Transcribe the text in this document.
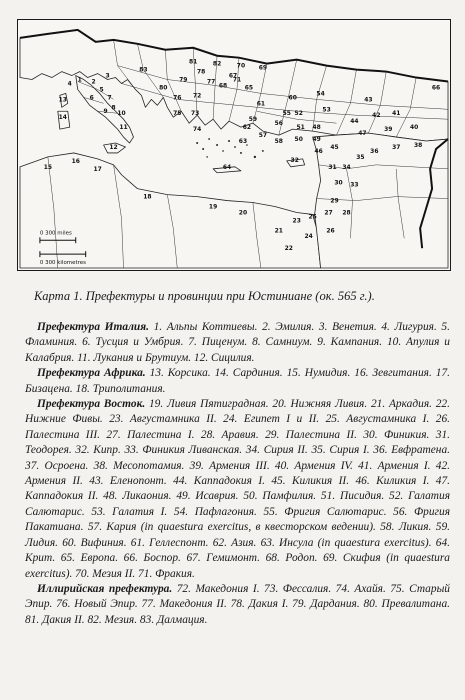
0 300 miles
0 300 kilometres
1 2
3
4
5
6 7
8
9 10
11
12
13
14
15
16
17
18
19
20
21
22
23
24
25
26
27 28
29
30
31
32
33
34
35
36
37 38
39	40
41
42
43
44
45
46
47
48
49
50
51
52
53
54
55
56
57
58
59
60
61
62
63
64
65	66
67
68
69
70
71
72
73
74
75
76
77
78
79
80
81	82
83
Карта 1. Префектуры и провинции при Юстиниане (ок. 565 г.).

Префектура Италия. 1. Альпы Коттиевы. 2. Эмилия. 3. Венетия. 4. Лигурия. 5. Фламиния. 6. Тусция и Умбрия. 7. Пиценум. 8. Самниум. 9. Кампания. 10. Апулия и Калабрия. 11. Лукания и Брутиум. 12. Сицилия.

Префектура Африка. 13. Корсика. 14. Сардиния. 15. Нумидия. 16. Зевгитания. 17. Бизацена. 18. Триполитания.

Префектура Восток. 19. Ливия Пятиградная. 20. Нижняя Ливия. 21. Аркадия. 22. Нижние Фивы. 23. Августамника II. 24. Египет I и II. 25. Августамника I. 26. Палестина III. 27. Палестина I. 28. Аравия. 29. Палестина II. 30. Финикия. 31. Теодорея. 32. Кипр. 33. Финикия Ливанская. 34. Сирия II. 35. Сирия I. 36. Евфратена. 37. Осроена. 38. Месопотамия. 39. Армения III. 40. Армения IV. 41. Армения I. 42. Армения II. 43. Еленопонт. 44. Каппадокия I. 45. Киликия II. 46. Киликия I. 47. Каппадокия II. 48. Ликаония. 49. Исаврия. 50. Памфилия. 51. Писидия. 52. Галатия Салютарис. 53. Галатия I. 54. Пафлагония. 55. Фригия Салютарис. 56. Фригия Пакатиана. 57. Кария (in quaestura exercitus, в квесторском ведении). 58. Ликия. 59. Лидия. 60. Вифиния. 61. Геллеспонт. 62. Азия. 63. Инсула (in quaestura exercitus). 64. Крит. 65. Европа. 66. Боспор. 67. Гемимонт. 68. Родоп. 69. Скифия (in quaestura exercitus). 70. Мезия II. 71. Фракия.

Иллирийская префектура. 72. Македония I. 73. Фессалия. 74. Ахайя. 75. Старый Эпир. 76. Новый Эпир. 77. Македония II. 78. Дакия I. 79. Дардания. 80. Превалитана. 81. Дакия II. 82. Мезия. 83. Далмация.
